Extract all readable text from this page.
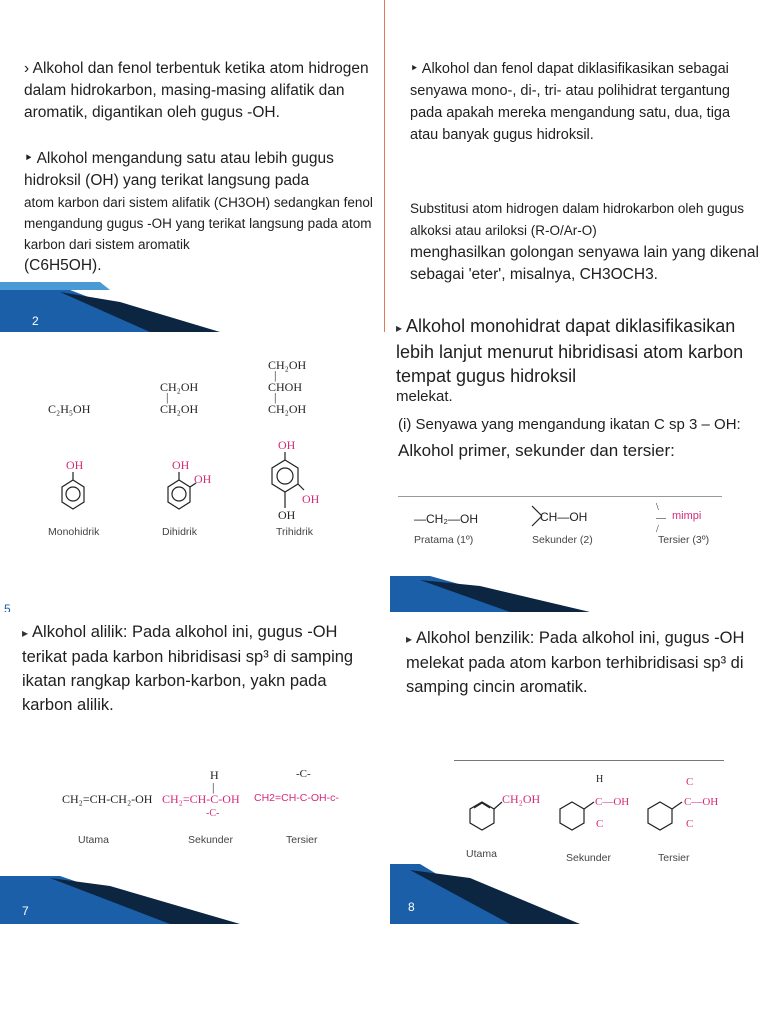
› Alkohol dan fenol terbentuk ketika atom hidrogen dalam hidrokarbon, masing-masing alifatik dan aromatik, digantikan oleh gugus -OH.

‣ Alkohol mengandung satu atau lebih gugus hidroksil (OH) yang terikat langsung pada

atom karbon dari sistem alifatik (CH3OH) sedangkan fenol mengandung gugus -OH yang terikat langsung pada atom karbon dari sistem aromatik

(C6H5OH).

2

‣ Alkohol dan fenol dapat diklasifikasikan sebagai senyawa mono-, di-, tri- atau polihidrat tergantung pada apakah mereka mengandung satu, dua, tiga atau banyak gugus hidroksil.

Substitusi atom hidrogen dalam hidrokarbon oleh gugus alkoksi atau ariloksi (R-O/Ar-O)

menghasilkan golongan senyawa lain yang dikenal sebagai 'eter', misalnya, CH3OCH3.

C₂H₅OH
CH₂OH
|
CH₂OH
CH₂OH
|
CHOH
|
CH₂OH
OH	OH
OH
OH
OH
OH
Monohidrik	Dihidrik	Trihidrik
5

▸ Alkohol monohidrat dapat diklasifikasikan lebih lanjut menurut hibridisasi atom karbon tempat gugus hidroksil

melekat.

(i) Senyawa yang mengandung ikatan C sp 3 – OH:

Alkohol primer, sekunder dan tersier:

—CH₂—OH	CH—OH
\
—
/
mimpi
Pratama (1º)	Sekunder (2)	Tersier (3º)

▸ Alkohol alilik: Pada alkohol ini, gugus -OH terikat pada karbon hibridisasi sp³ di samping ikatan rangkap karbon-karbon, yakn pada karbon alilik.

CH₂=CH-CH₂-OH
H
|
CH₂=CH-C-OH
-C-
-C-
CH2=CH-C-OH-c-
Utama	Sekunder	Tersier
7

▸ Alkohol benzilik: Pada alkohol ini, gugus -OH melekat pada atom karbon terhibridisasi sp³ di samping cincin aromatik.

CH₂OH
H
C—OH
C
C
C—OH
C
Utama	Sekunder	Tersier
8
